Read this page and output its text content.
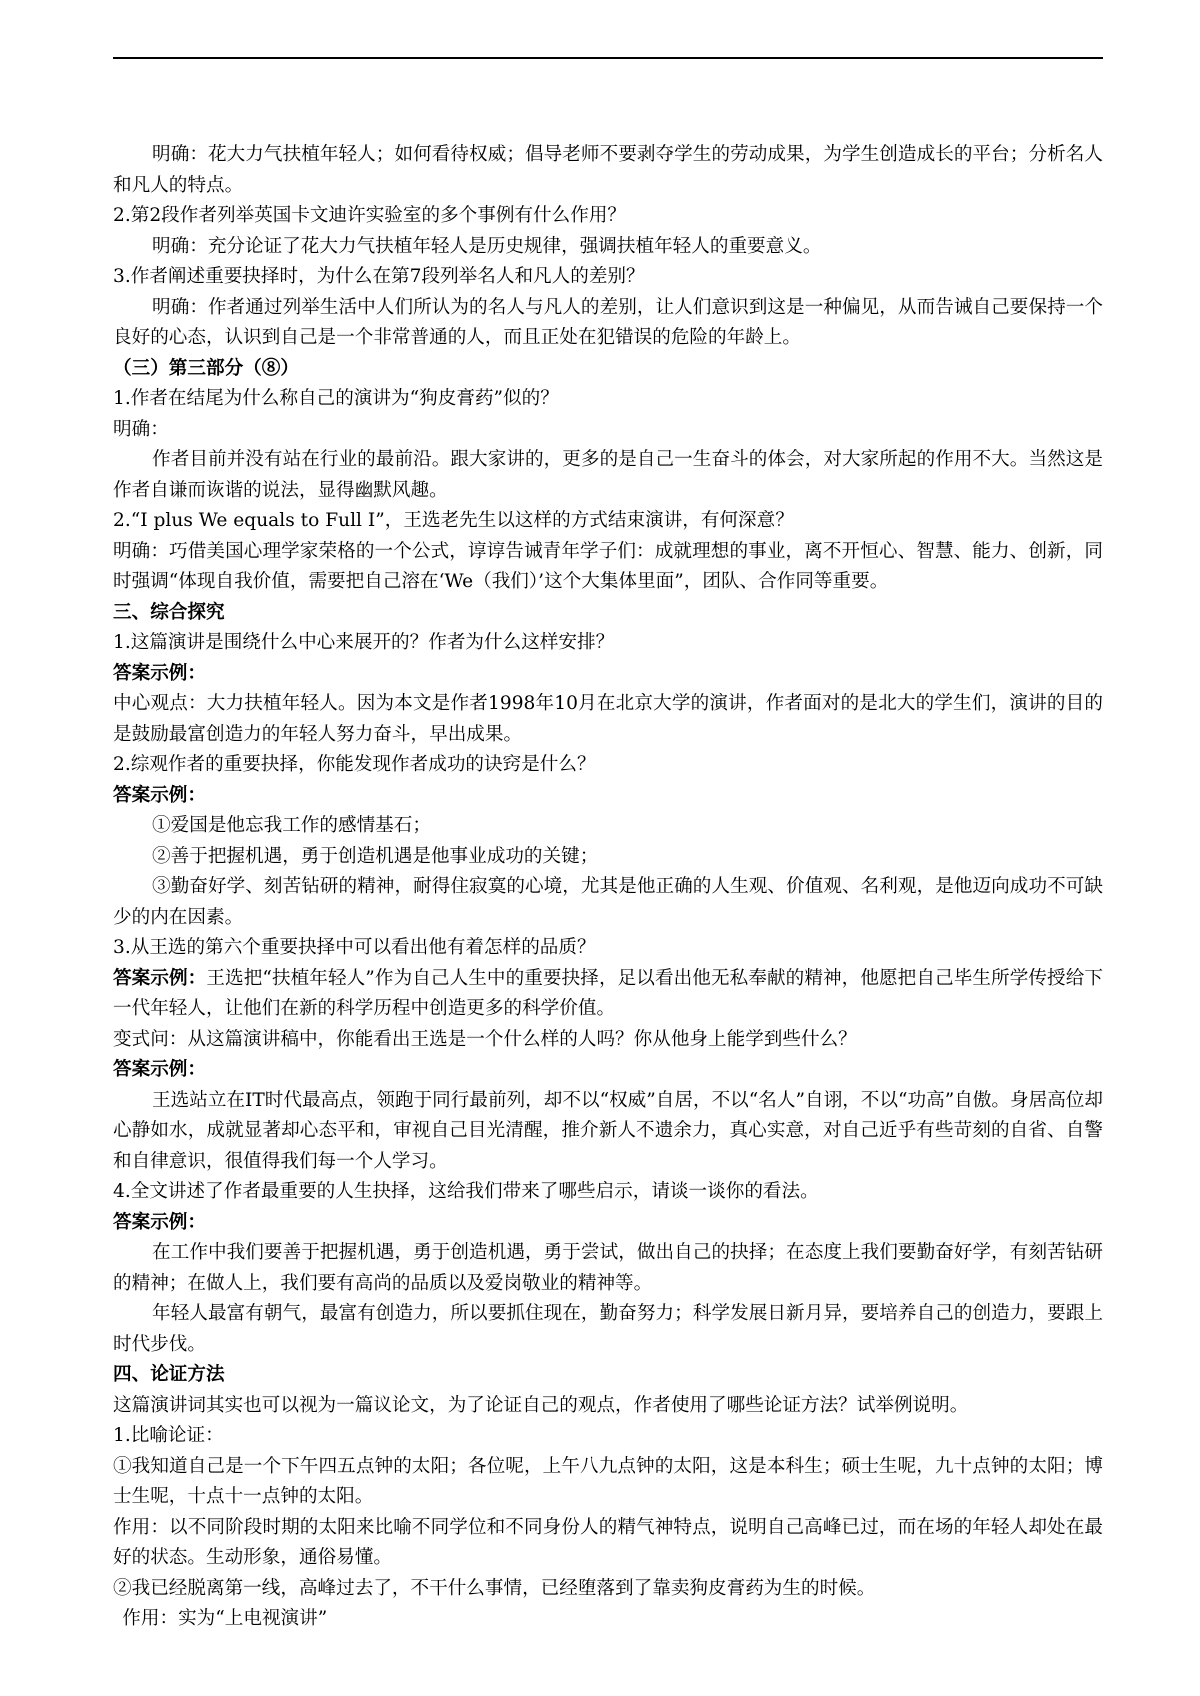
明确：花大力气扶植年轻人；如何看待权威；倡导老师不要剥夺学生的劳动成果，为学生创造成长的平台；分析名人和凡人的特点。

2.第2段作者列举英国卡文迪许实验室的多个事例有什么作用？

明确：充分论证了花大力气扶植年轻人是历史规律，强调扶植年轻人的重要意义。

3.作者阐述重要抉择时，为什么在第7段列举名人和凡人的差别？

明确：作者通过列举生活中人们所认为的名人与凡人的差别，让人们意识到这是一种偏见，从而告诫自己要保持一个良好的心态，认识到自己是一个非常普通的人，而且正处在犯错误的危险的年龄上。

（三）第三部分（⑧）

1.作者在结尾为什么称自己的演讲为“狗皮膏药”似的？

明确：

作者目前并没有站在行业的最前沿。跟大家讲的，更多的是自己一生奋斗的体会，对大家所起的作用不大。当然这是作者自谦而诙谐的说法，显得幽默风趣。

2.“I plus We equals to Full I”，王选老先生以这样的方式结束演讲，有何深意？

明确：巧借美国心理学家荣格的一个公式，谆谆告诫青年学子们：成就理想的事业，离不开恒心、智慧、能力、创新，同时强调“体现自我价值，需要把自己溶在‘We（我们）’这个大集体里面”，团队、合作同等重要。

三、综合探究

1.这篇演讲是围绕什么中心来展开的？作者为什么这样安排？

答案示例：

中心观点：大力扶植年轻人。因为本文是作者1998年10月在北京大学的演讲，作者面对的是北大的学生们，演讲的目的是鼓励最富创造力的年轻人努力奋斗，早出成果。

2.综观作者的重要抉择，你能发现作者成功的诀窍是什么？

答案示例：

①爱国是他忘我工作的感情基石；

②善于把握机遇，勇于创造机遇是他事业成功的关键；

③勤奋好学、刻苦钻研的精神，耐得住寂寞的心境，尤其是他正确的人生观、价值观、名利观，是他迈向成功不可缺少的内在因素。

3.从王选的第六个重要抉择中可以看出他有着怎样的品质？

答案示例：王选把“扶植年轻人”作为自己人生中的重要抉择，足以看出他无私奉献的精神，他愿把自己毕生所学传授给下一代年轻人，让他们在新的科学历程中创造更多的科学价值。

变式问：从这篇演讲稿中，你能看出王选是一个什么样的人吗？你从他身上能学到些什么？

答案示例：

王选站立在IT时代最高点，领跑于同行最前列，却不以“权威”自居，不以“名人”自诩，不以“功高”自傲。身居高位却心静如水，成就显著却心态平和，审视自己目光清醒，推介新人不遗余力，真心实意，对自己近乎有些苛刻的自省、自警和自律意识，很值得我们每一个人学习。

4.全文讲述了作者最重要的人生抉择，这给我们带来了哪些启示，请谈一谈你的看法。

答案示例：

在工作中我们要善于把握机遇，勇于创造机遇，勇于尝试，做出自己的抉择；在态度上我们要勤奋好学，有刻苦钻研的精神；在做人上，我们要有高尚的品质以及爱岗敬业的精神等。

年轻人最富有朝气，最富有创造力，所以要抓住现在，勤奋努力；科学发展日新月异，要培养自己的创造力，要跟上时代步伐。

四、论证方法

这篇演讲词其实也可以视为一篇议论文，为了论证自己的观点，作者使用了哪些论证方法？试举例说明。

1.比喻论证：

①我知道自己是一个下午四五点钟的太阳；各位呢，上午八九点钟的太阳，这是本科生；硕士生呢，九十点钟的太阳；博士生呢，十点十一点钟的太阳。

作用：以不同阶段时期的太阳来比喻不同学位和不同身份人的精气神特点，说明自己高峰已过，而在场的年轻人却处在最好的状态。生动形象，通俗易懂。

②我已经脱离第一线，高峰过去了，不干什么事情，已经堕落到了靠卖狗皮膏药为生的时候。

作用：实为“上电视演讲”
